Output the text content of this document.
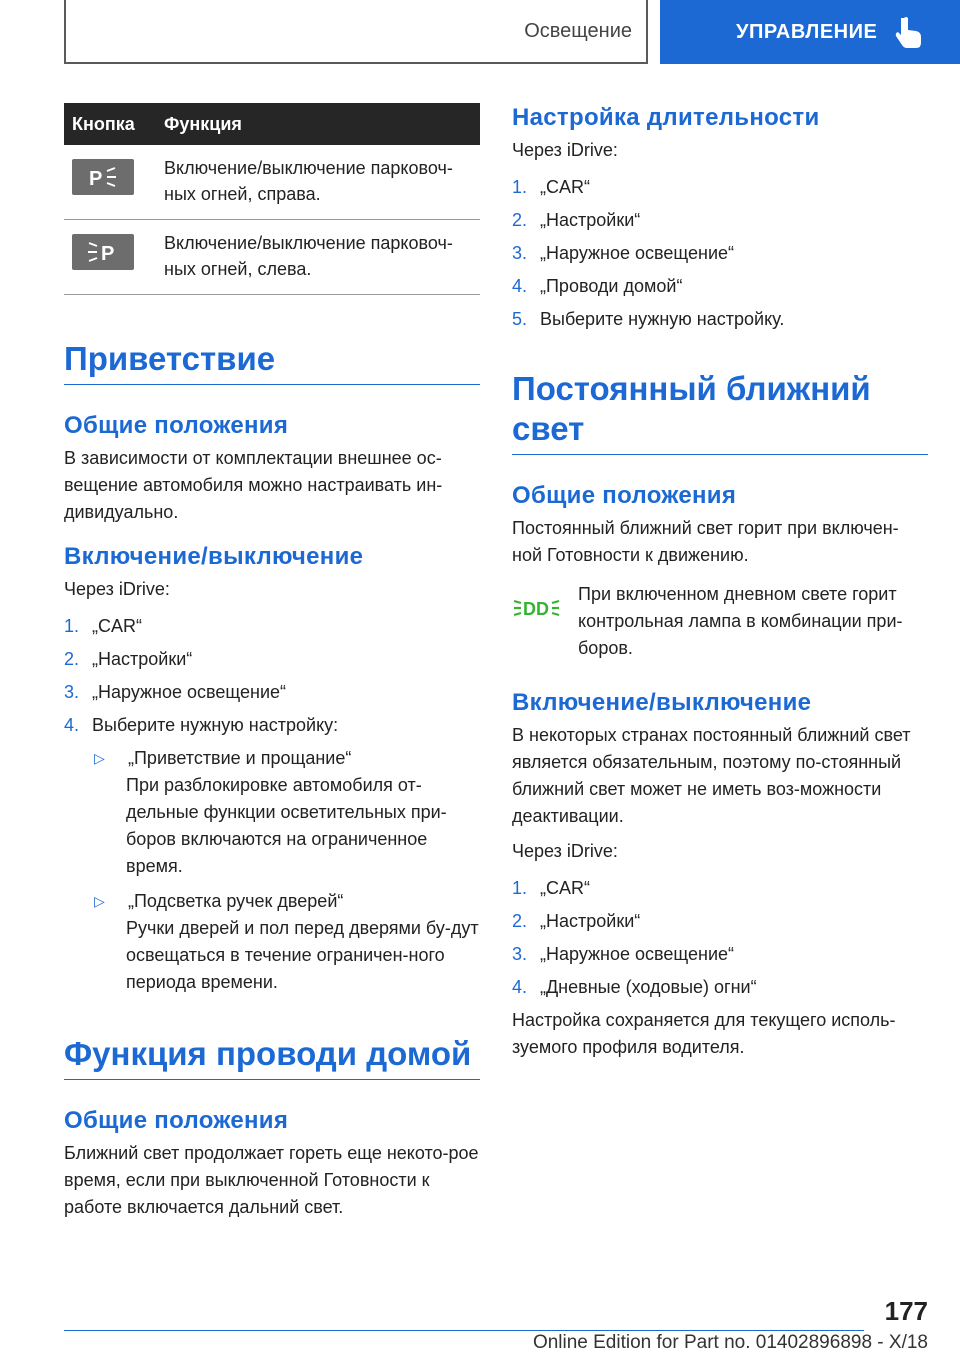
Освещение	УПРАВЛЕНИЕ
Кнопка	Функция

P	Включение/выключение парковоч-ных огней, справа.

P	Включение/выключение парковоч-ных огней, слева.
Приветствие
Общие положения

В зависимости от комплектации внешнее ос-вещение автомобиля можно настраивать ин-дивидуально.

Включение/выключение

Через iDrive:

1. „CAR“
2. „Настройки“
3. „Наружное освещение“
4. Выберите нужную настройку:
▷	„Приветствие и прощание“
При разблокировке автомобиля от-дельные функции осветительных при-боров включаются на ограниченное время.
▷	„Подсветка ручек дверей“
Ручки дверей и пол перед дверями бу-дут освещаться в течение ограничен-ного периода времени.
Функция проводи домой
Общие положения

Ближний свет продолжает гореть еще некото-рое время, если при выключенной Готовности к работе включается дальний свет.

Настройка длительности

Через iDrive:

1. „CAR“
2. „Настройки“
3. „Наружное освещение“
4. „Проводи домой“
5. Выберите нужную настройку.
Постоянный ближний свет
Общие положения

Постоянный ближний свет горит при включен-ной Готовности к движению.

D D

При включенном дневном свете горит контрольная лампа в комбинации при-боров.

Включение/выключение

В некоторых странах постоянный ближний свет является обязательным, поэтому по-стоянный ближний свет может не иметь воз-можности деактивации.

Через iDrive:

1. „CAR“
2. „Настройки“
3. „Наружное освещение“
4. „Дневные (ходовые) огни“

Настройка сохраняется для текущего исполь-зуемого профиля водителя.

177
Online Edition for Part no. 01402896898 - X/18
